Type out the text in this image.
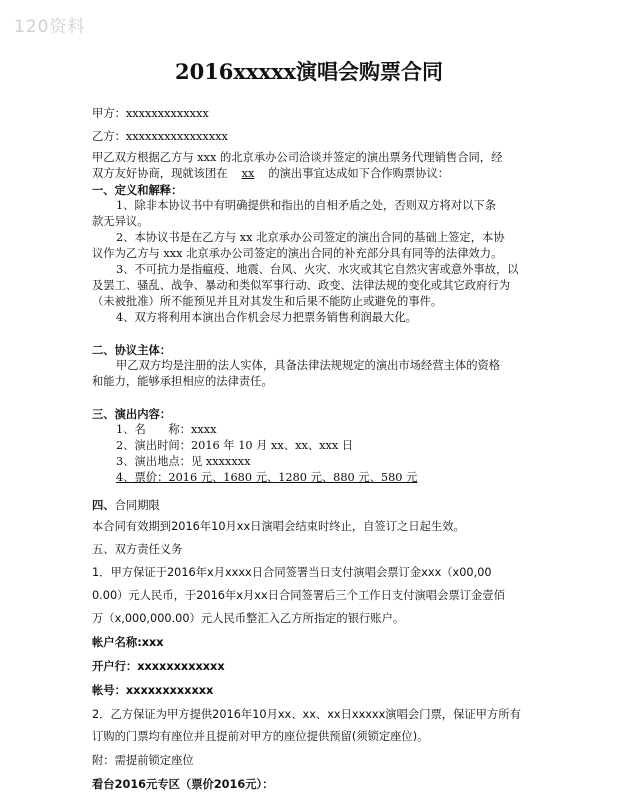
120资料
2016xxxxx演唱会购票合同
甲方：xxxxxxxxxxxxx
乙方：xxxxxxxxxxxxxxxx
甲乙双方根据乙方与 xxx 的北京承办公司洽谈并签定的演出票务代理销售合同，经
双方友好协商，现就该团在 xx 的演出事宜达成如下合作购票协议：
一、定义和解释：
1、除非本协议书中有明确提供和指出的自相矛盾之处，否则双方将对以下条
款无异议。
2、本协议书是在乙方与 xx 北京承办公司签定的演出合同的基础上签定，本协
议作为乙方与 xxx 北京承办公司签定的演出合同的补充部分具有同等的法律效力。
3、不可抗力是指瘟疫、地震、台风、火灾、水灾或其它自然灾害或意外事故，以
及罢工、骚乱、战争、暴动和类似军事行动、政变、法律法规的变化或其它政府行为
（未被批准）所不能预见并且对其发生和后果不能防止或避免的事件。
4、双方将利用本演出合作机会尽力把票务销售利润最大化。
二、协议主体：
甲乙双方均是注册的法人实体，具备法律法规规定的演出市场经营主体的资格
和能力，能够承担相应的法律责任。
三、演出内容：
1、名　　称：xxxx
2、演出时间：2016 年 10 月 xx、xx、xxx 日
3、演出地点：见 xxxxxxx
4、票价：2016 元、1680 元、1280 元、880 元、580 元
四、合同期限
本合同有效期到2016年10月xx日演唱会结束时终止，自签订之日起生效。
五、双方责任义务
1．甲方保证于2016年x月xxxx日合同签署当日支付演唱会票订金xxx（x00,00
0.00）元人民币，于2016年x月xx日合同签署后三个工作日支付演唱会票订金壹佰
万（x,000,000.00）元人民币整汇入乙方所指定的银行账户。
帐户名称:xxx
开户行：xxxxxxxxxxxx
帐号：xxxxxxxxxxxx
2．乙方保证为甲方提供2016年10月xx、xx、xx日xxxxx演唱会门票，保证甲方所有
订购的门票均有座位并且提前对甲方的座位提供预留(须锁定座位)。
附：需提前锁定座位
看台2016元专区（票价2016元）：
